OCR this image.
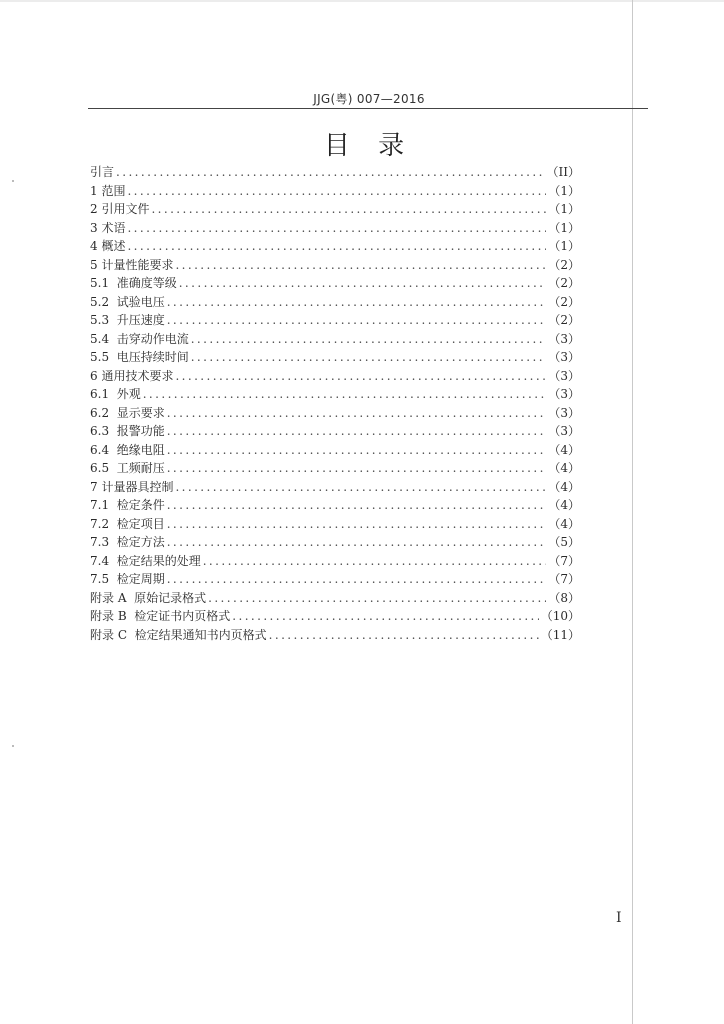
JJG(粤) 007—2016
目 录
引言 .....	（II）
1 范围 .....	（1）
2 引用文件 .....	（1）
3 术语 .....	（1）
4 概述 .....	（1）
5 计量性能要求 .....	（2）
5.1  准确度等级 .....	（2）
5.2  试验电压 .....	（2）
5.3  升压速度 .....	（2）
5.4  击穿动作电流 .....	（3）
5.5  电压持续时间 .....	（3）
6 通用技术要求 .....	（3）
6.1  外观 .....	（3）
6.2  显示要求 .....	（3）
6.3  报警功能 .....	（3）
6.4  绝缘电阻 .....	（4）
6.5  工频耐压 .....	（4）
7 计量器具控制 .....	（4）
7.1  检定条件 .....	（4）
7.2  检定项目 .....	（4）
7.3  检定方法 .....	（5）
7.4  检定结果的处理 .....	（7）
7.5  检定周期 .....	（7）
附录 A  原始记录格式 .....	（8）
附录 B  检定证书内页格式 .....	（10）
附录 C  检定结果通知书内页格式 .....	（11）
I
